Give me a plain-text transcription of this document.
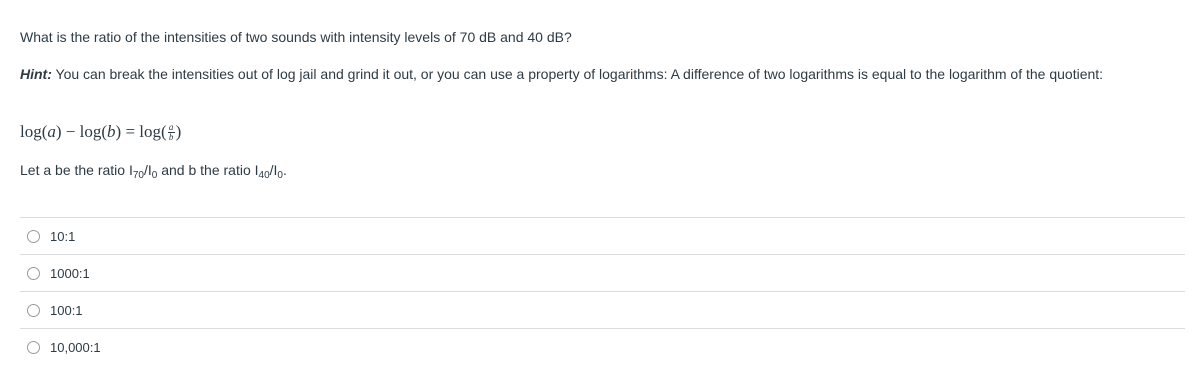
What is the ratio of the intensities of two sounds with intensity levels of 70 dB and 40 dB?
Hint: You can break the intensities out of log jail and grind it out, or you can use a property of logarithms: A difference of two logarithms is equal to the logarithm of the quotient:
log( a ) − log( b ) = $\log( \frac{a}{b}$ )
Let a be the ratio $I_{70}/I_0$ and b the ratio $I_{40}/I_0$.
10:1
1000:1
100:1
10,000:1
